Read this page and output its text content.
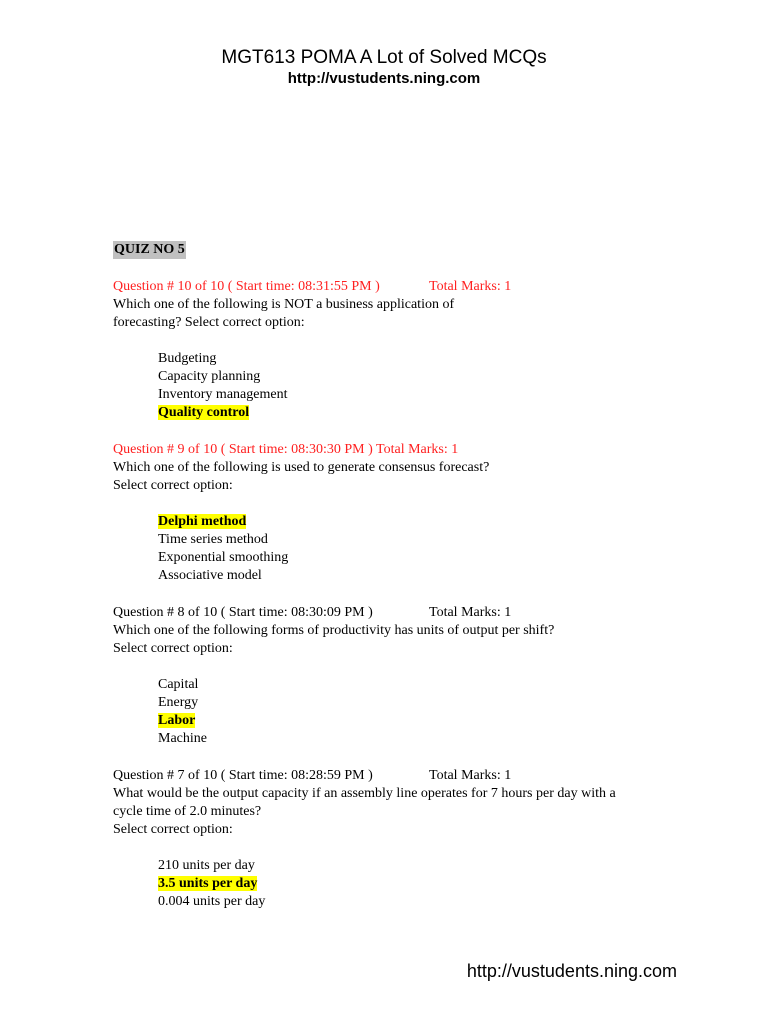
MGT613 POMA A Lot of Solved MCQs
http://vustudents.ning.com
QUIZ NO 5
Question # 10 of 10 ( Start time: 08:31:55 PM )	Total Marks: 1
Which one of the following is NOT a business application of
forecasting? Select correct option:
Budgeting
Capacity planning
Inventory management
Quality control
Question # 9 of 10 ( Start time: 08:30:30 PM ) Total Marks: 1
Which one of the following is used to generate consensus forecast?
Select correct option:
Delphi method
Time series method
Exponential smoothing
Associative model
Question # 8 of 10 ( Start time: 08:30:09 PM )	Total Marks: 1
Which one of the following forms of productivity has units of output per shift?
Select correct option:
Capital
Energy
Labor
Machine
Question # 7 of 10 ( Start time: 08:28:59 PM )	Total Marks: 1
What would be the output capacity if an assembly line operates for 7 hours per day with a
cycle time of 2.0 minutes?
Select correct option:
210 units per day
3.5 units per day
0.004 units per day
http://vustudents.ning.com
